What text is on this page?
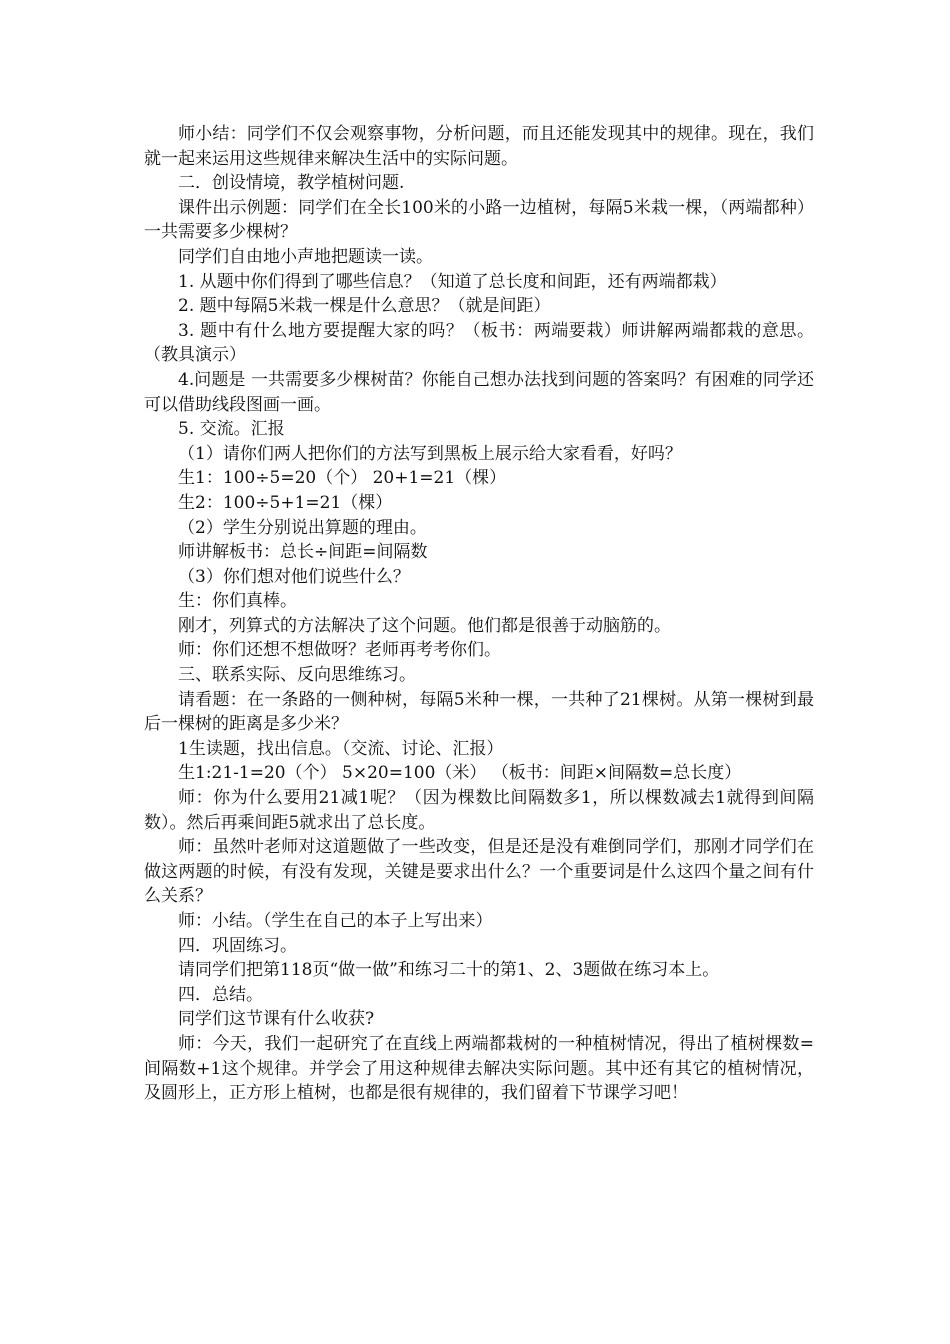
师小结：同学们不仅会观察事物，分析问题，而且还能发现其中的规律。现在，我们就一起来运用这些规律来解决生活中的实际问题。

二．创设情境，教学植树问题.

课件出示例题：同学们在全长100米的小路一边植树，每隔5米栽一棵，（两端都种）一共需要多少棵树？

同学们自由地小声地把题读一读。

1. 从题中你们得到了哪些信息？（知道了总长度和间距，还有两端都栽）

2. 题中每隔5米栽一棵是什么意思？（就是间距）

3. 题中有什么地方要提醒大家的吗？（板书：两端要栽）师讲解两端都栽的意思。（教具演示）

4.问题是 一共需要多少棵树苗？你能自己想办法找到问题的答案吗？有困难的同学还可以借助线段图画一画。

5. 交流。汇报

（1）请你们两人把你们的方法写到黑板上展示给大家看看，好吗？

生1：100÷5=20（个） 20+1=21（棵）

生2：100÷5+1=21（棵）

（2）学生分别说出算题的理由。

师讲解板书：总长÷间距=间隔数

（3）你们想对他们说些什么？

生：你们真棒。

刚才，列算式的方法解决了这个问题。他们都是很善于动脑筋的。

师：你们还想不想做呀？老师再考考你们。

三、联系实际、反向思维练习。

请看题：在一条路的一侧种树，每隔5米种一棵，一共种了21棵树。从第一棵树到最后一棵树的距离是多少米？

1生读题，找出信息。（交流、讨论、汇报）

生1:21-1=20（个） 5×20=100（米） （板书：间距×间隔数=总长度）

师：你为什么要用21减1呢？（因为棵数比间隔数多1，所以棵数减去1就得到间隔数）。然后再乘间距5就求出了总长度。

师：虽然叶老师对这道题做了一些改变，但是还是没有难倒同学们，那刚才同学们在做这两题的时候，有没有发现，关键是要求出什么？一个重要词是什么这四个量之间有什么关系？

师：小结。（学生在自己的本子上写出来）

四．巩固练习。

请同学们把第118页“做一做”和练习二十的第1、2、3题做在练习本上。

四．总结。

同学们这节课有什么收获?

师：今天，我们一起研究了在直线上两端都栽树的一种植树情况，得出了植树棵数=间隔数+1这个规律。并学会了用这种规律去解决实际问题。其中还有其它的植树情况，及圆形上，正方形上植树，也都是很有规律的，我们留着下节课学习吧！
